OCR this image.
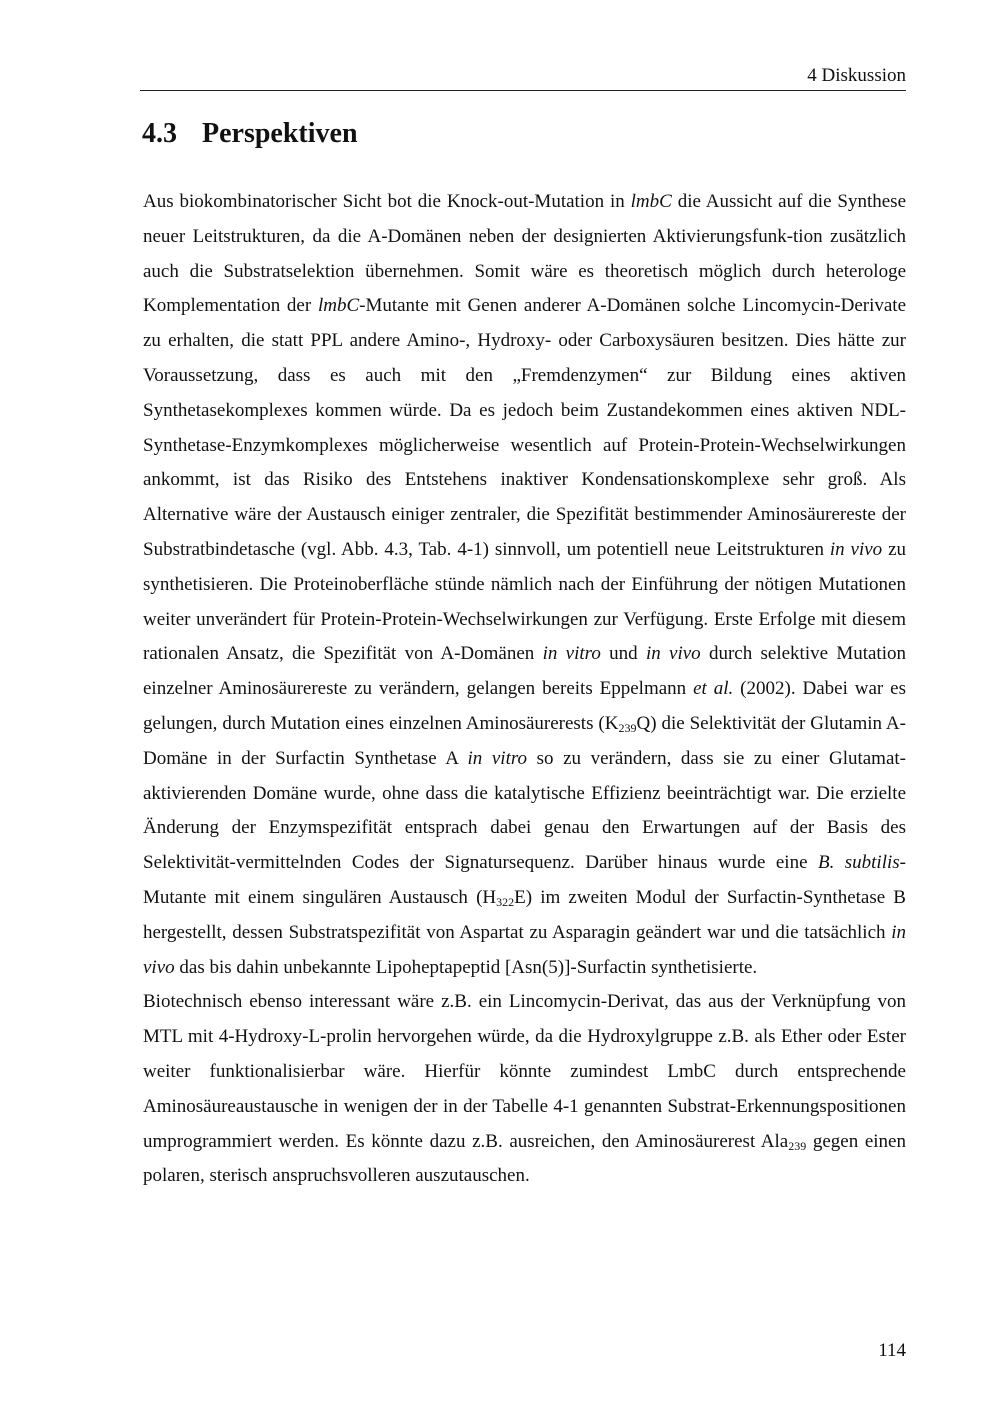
4 Diskussion
4.3 Perspektiven

Aus biokombinatorischer Sicht bot die Knock-out-Mutation in lmbC die Aussicht auf die Synthese neuer Leitstrukturen, da die A-Domänen neben der designierten Aktivierungsfunk-tion zusätzlich auch die Substratselektion übernehmen. Somit wäre es theoretisch möglich durch heterologe Komplementation der lmbC-Mutante mit Genen anderer A-Domänen solche Lincomycin-Derivate zu erhalten, die statt PPL andere Amino-, Hydroxy- oder Carboxysäuren besitzen. Dies hätte zur Voraussetzung, dass es auch mit den „Fremdenzymen“ zur Bildung eines aktiven Synthetasekomplexes kommen würde. Da es jedoch beim Zustandekommen eines aktiven NDL-Synthetase-Enzymkomplexes möglicherweise wesentlich auf Protein-Protein-Wechselwirkungen ankommt, ist das Risiko des Entstehens inaktiver Kondensationskomplexe sehr groß. Als Alternative wäre der Austausch einiger zentraler, die Spezifität bestimmender Aminosäurereste der Substratbindetasche (vgl. Abb. 4.3, Tab. 4-1) sinnvoll, um potentiell neue Leitstrukturen in vivo zu synthetisieren. Die Proteinoberfläche stünde nämlich nach der Einführung der nötigen Mutationen weiter unverändert für Protein-Protein-Wechselwirkungen zur Verfügung. Erste Erfolge mit diesem rationalen Ansatz, die Spezifität von A-Domänen in vitro und in vivo durch selektive Mutation einzelner Aminosäurereste zu verändern, gelangen bereits Eppelmann et al. (2002). Dabei war es gelungen, durch Mutation eines einzelnen Aminosäurerests $(K_{239}Q)$ die Selektivität der Glutamin A-Domäne in der Surfactin Synthetase A in vitro so zu verändern, dass sie zu einer Glutamat-aktivierenden Domäne wurde, ohne dass die katalytische Effizienz beeinträchtigt war. Die erzielte Änderung der Enzymspezifität entsprach dabei genau den Erwartungen auf der Basis des Selektivität-vermittelnden Codes der Signatursequenz. Darüber hinaus wurde eine B. subtilis-Mutante mit einem singulären Austausch $(H_{322}E)$ im zweiten Modul der Surfactin-Synthetase B hergestellt, dessen Substratspezifität von Aspartat zu Asparagin geändert war und die tatsächlich in vivo das bis dahin unbekannte Lipoheptapeptid [Asn(5)]-Surfactin synthetisierte.

Biotechnisch ebenso interessant wäre z.B. ein Lincomycin-Derivat, das aus der Verknüpfung von MTL mit 4-Hydroxy-L-prolin hervorgehen würde, da die Hydroxylgruppe z.B. als Ether oder Ester weiter funktionalisierbar wäre. Hierfür könnte zumindest LmbC durch entsprechende Aminosäureaustausche in wenigen der in der Tabelle 4-1 genannten Substrat-Erkennungspositionen umprogrammiert werden. Es könnte dazu z.B. ausreichen, den Aminosäurerest Ala$_{239}$ gegen einen polaren, sterisch anspruchsvolleren auszutauschen.

114
